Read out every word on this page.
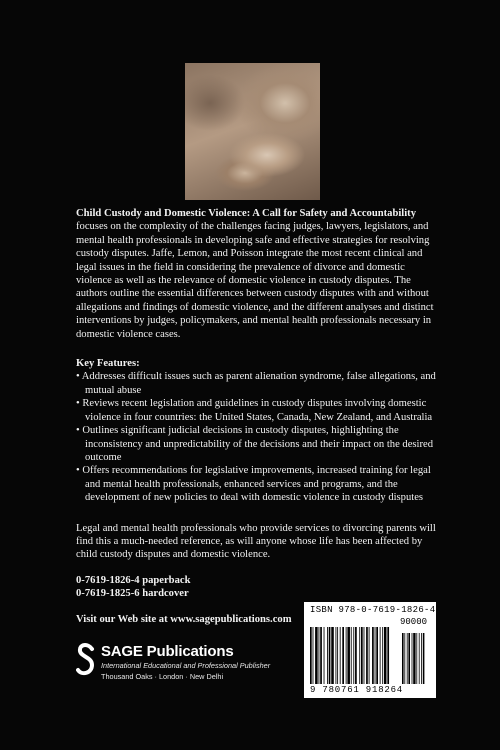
Child Custody and Domestic Violence: A Call for Safety and Accountability focuses on the complexity of the challenges facing judges, lawyers, legislators, and mental health professionals in developing safe and effective strategies for resolving custody disputes. Jaffe, Lemon, and Poisson integrate the most recent clinical and legal issues in the field in considering the prevalence of divorce and domestic violence as well as the relevance of domestic violence in custody disputes. The authors outline the essential differences between custody disputes with and without allegations and findings of domestic violence, and the different analyses and distinct interventions by judges, policymakers, and mental health professionals necessary in domestic violence cases.

Key Features:
• Addresses difficult issues such as parent alienation syndrome, false allegations, and mutual abuse
• Reviews recent legislation and guidelines in custody disputes involving domestic violence in four countries: the United States, Canada, New Zealand, and Australia
• Outlines significant judicial decisions in custody disputes, highlighting the inconsistency and unpredictability of the decisions and their impact on the desired outcome
• Offers recommendations for legislative improvements, increased training for legal and mental health professionals, enhanced services and programs, and the development of new policies to deal with domestic violence in custody disputes

Legal and mental health professionals who provide services to divorcing parents will find this a much-needed reference, as will anyone whose life has been affected by child custody disputes and domestic violence.

0-7619-1826-4 paperback
0-7619-1825-6 hardcover
Visit our Web site at www.sagepublications.com
SAGE Publications
International Educational and Professional Publisher
Thousand Oaks · London · New Delhi
ISBN 978-0-7619-1826-4
90000
9 780761 918264
